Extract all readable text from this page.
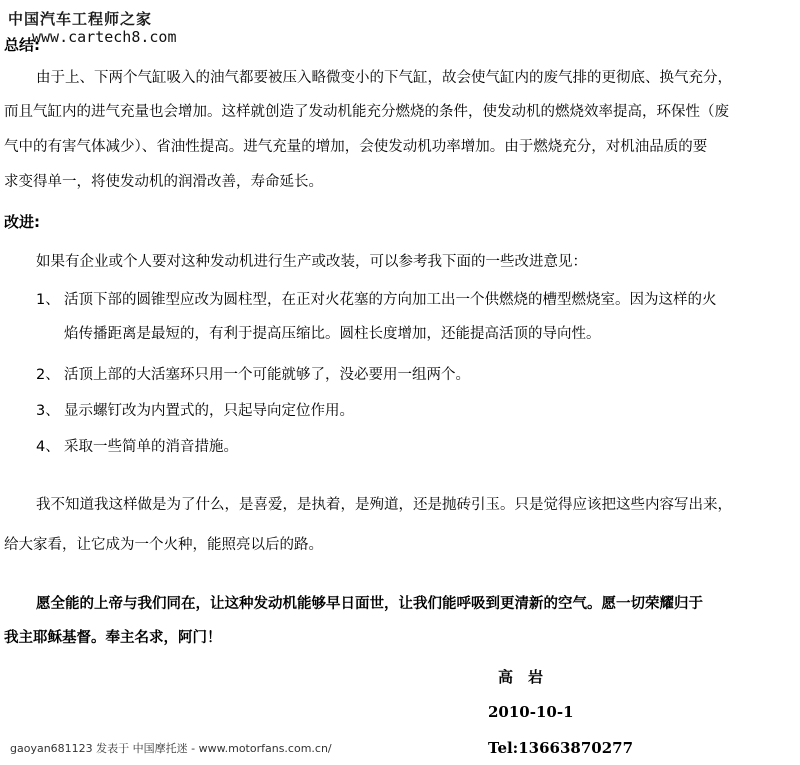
中国汽车工程师之家
www.cartech8.com
总结:
由于上、下两个气缸吸入的油气都要被压入略微变小的下气缸，故会使气缸内的废气排的更彻底、换气充分，
而且气缸内的进气充量也会增加。这样就创造了发动机能充分燃烧的条件，使发动机的燃烧效率提高，环保性（废
气中的有害气体减少）、省油性提高。进气充量的增加，会使发动机功率增加。由于燃烧充分，对机油品质的要
求变得单一，将使发动机的润滑改善，寿命延长。
改进:
如果有企业或个人要对这种发动机进行生产或改装，可以参考我下面的一些改进意见：
1、 活顶下部的圆锥型应改为圆柱型，在正对火花塞的方向加工出一个供燃烧的槽型燃烧室。因为这样的火
焰传播距离是最短的，有利于提高压缩比。圆柱长度增加，还能提高活顶的导向性。
2、 活顶上部的大活塞环只用一个可能就够了，没必要用一组两个。
3、 显示螺钉改为内置式的，只起导向定位作用。
4、 采取一些简单的消音措施。
我不知道我这样做是为了什么，是喜爱，是执着，是殉道，还是抛砖引玉。只是觉得应该把这些内容写出来，
给大家看，让它成为一个火种，能照亮以后的路。
愿全能的上帝与我们同在，让这种发动机能够早日面世，让我们能呼吸到更清新的空气。愿一切荣耀归于
我主耶稣基督。奉主名求，阿门！
高　岩
2010-10-1
Tel:13663870277
gaoyan681123 发表于 中国摩托迷 - www.motorfans.com.cn/
